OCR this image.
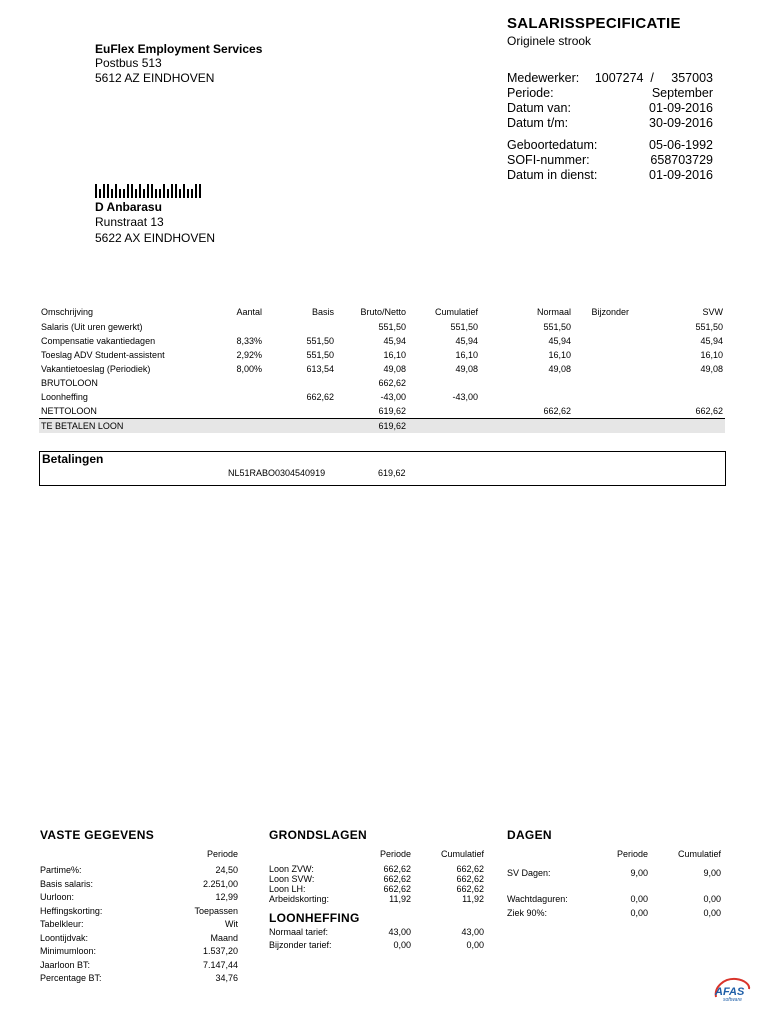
SALARISSPECIFICATIE
Originele strook
EuFlex Employment Services
Postbus 513
5612 AZ EINDHOVEN	Medewerker: 1007274  /     357003
Periode:	September
Datum van:	01-09-2016
Datum t/m:	30-09-2016
Geboortedatum:	05-06-1992
SOFI-nummer:	658703729
Datum in dienst:	01-09-2016
D Anbarasu
Runstraat 13
5622 AX EINDHOVEN
Omschrijving	Aantal	Basis	Bruto/Netto	Cumulatief	Normaal	Bijzonder	SVW
Salaris (Uit uren gewerkt)			551,50	551,50	551,50		551,50
Compensatie vakantiedagen	8,33%	551,50	45,94	45,94	45,94		45,94
Toeslag ADV Student-assistent	2,92%	551,50	16,10	16,10	16,10		16,10
Vakantietoeslag (Periodiek)	8,00%	613,54	49,08	49,08	49,08		49,08
BRUTOLOON			662,62				
Loonheffing		662,62	-43,00	-43,00			
NETTOLOON			619,62		662,62		662,62
TE BETALEN LOON			619,62				
Betalingen
NL51RABO0304540919	619,62
VASTE GEGEVENS
Periode
Partime%:	24,50
Basis salaris:	2.251,00
Uurloon:	12,99
Heffingskorting:	Toepassen
Tabelkleur:	Wit
Loontijdvak:	Maand
Minimumloon:	1.537,20
Jaarloon BT:	7.147,44
Percentage BT:	34,76
GRONDSLAGEN
Periode	Cumulatief
Loon ZVW:	662,62	662,62
Loon SVW:	662,62	662,62
Loon LH:	662,62	662,62
Arbeidskorting:	11,92	11,92
LOONHEFFING
Normaal tarief:	43,00	43,00
Bijzonder tarief:	0,00	0,00
DAGEN
Periode	Cumulatief
SV Dagen:	9,00	9,00
Wachtdaguren:	0,00	0,00
Ziek 90%:	0,00	0,00
AFAS
software
